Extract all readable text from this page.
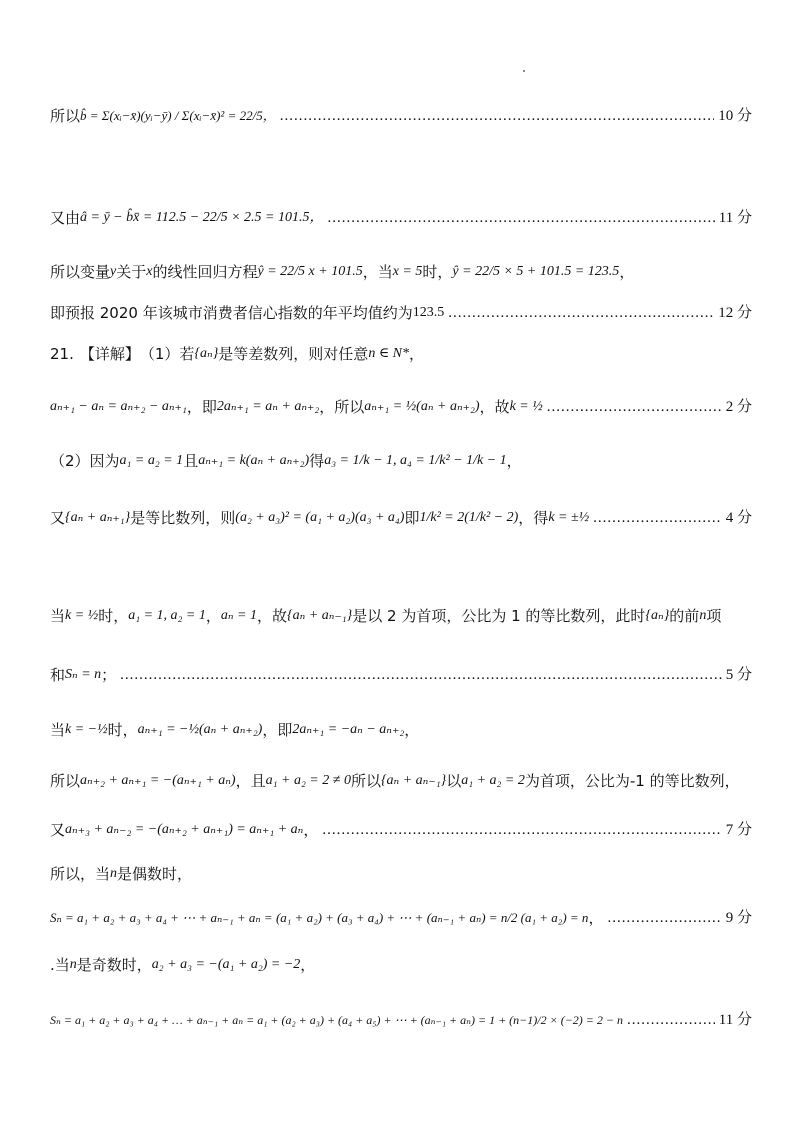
所以 b̂ = Σ(xᵢ−x̄)(yᵢ−ȳ) / Σ(xᵢ−x̄)² = 22/5， .....	10 分
又由 â = ȳ − b̂x̄ = 112.5 − 22/5 × 2.5 = 101.5， .....	11 分
所以变量 y 关于 x 的线性回归方程 ŷ = 22/5 x + 101.5 ，当 x = 5 时， ŷ = 22/5 × 5 + 101.5 = 123.5 ，
即预报 2020 年该城市消费者信心指数的年平均值约为 123.5 .....	12 分
21. 【详解】 （1）若 {aₙ} 是等差数列，则对任意 n ∈ N* ，
aₙ₊₁ − aₙ = aₙ₊₂ − aₙ₊₁ ，即 2aₙ₊₁ = aₙ + aₙ₊₂ ，所以 aₙ₊₁ = ½(aₙ + aₙ₊₂) ，故 k = ½ .....	2 分
（2）因为 a₁ = a₂ = 1 且 aₙ₊₁ = k(aₙ + aₙ₊₂) 得 a₃ = 1/k − 1, a₄ = 1/k² − 1/k − 1 ，
又 {aₙ + aₙ₊₁} 是等比数列，则 (a₂ + a₃)² = (a₁ + a₂)(a₃ + a₄) 即 1/k² = 2(1/k² − 2) ，得 k = ±½ .....	4 分
当 k = ½ 时， a₁ = 1, a₂ = 1 ， aₙ = 1 ，故 {aₙ + aₙ₋₁} 是以 2 为首项，公比为 1 的等比数列，此时 {aₙ} 的前 n 项
和 Sₙ = n ； .....	5 分
当 k = −½ 时， aₙ₊₁ = −½(aₙ + aₙ₊₂) ，即 2aₙ₊₁ = −aₙ − aₙ₊₂ ，
所以 aₙ₊₂ + aₙ₊₁ = −(aₙ₊₁ + aₙ) ，且 a₁ + a₂ = 2 ≠ 0 所以 {aₙ + aₙ₋₁} 以 a₁ + a₂ = 2 为首项，公比为-1 的等比数列，
又 aₙ₊₃ + aₙ₋₂ = −(aₙ₊₂ + aₙ₊₁) = aₙ₊₁ + aₙ ， .....	7 分
所以，当 n 是偶数时，
Sₙ = a₁ + a₂ + a₃ + a₄ + ⋯ + aₙ₋₁ + aₙ = (a₁ + a₂) + (a₃ + a₄) + ⋯ + (aₙ₋₁ + aₙ) = n/2 (a₁ + a₂) = n ， .....	9 分
.当 n 是奇数时， a₂ + a₃ = −(a₁ + a₂) = −2 ，
Sₙ = a₁ + a₂ + a₃ + a₄ + … + aₙ₋₁ + aₙ = a₁ + (a₂ + a₃) + (a₄ + a₅) + ⋯ + (aₙ₋₁ + aₙ) = 1 + (n−1)/2 × (−2) = 2 − n .....	11 分
